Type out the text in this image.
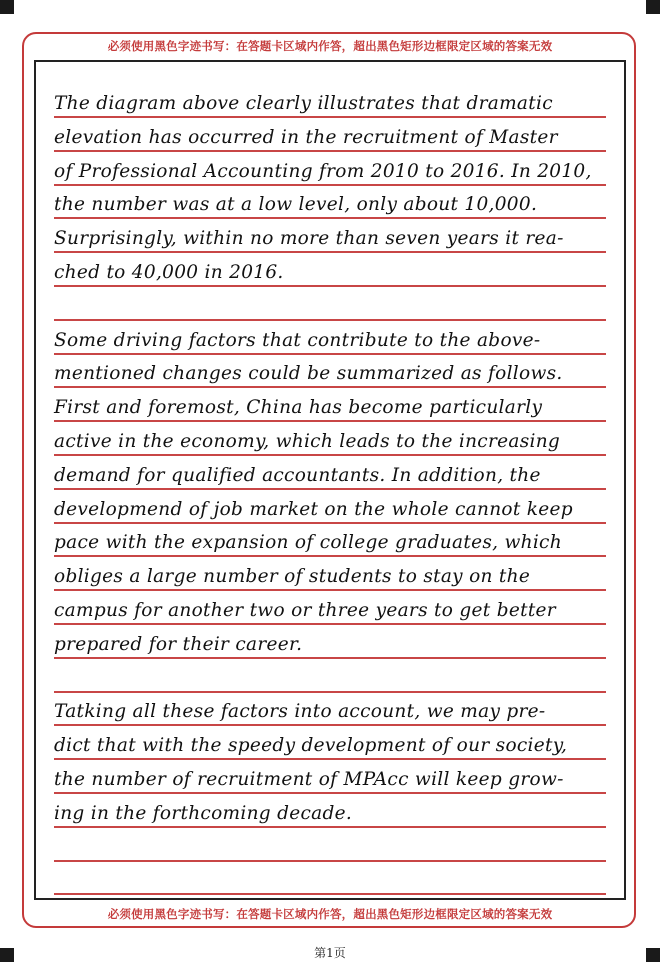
必须使用黑色字迹书写：在答题卡区域内作答，超出黑色矩形边框限定区域的答案无效
The diagram above clearly illustrates that dramatic
elevation has occurred in the recruitment of Master
of Professional Accounting from 2010 to 2016. In 2010,
the number was at a low level, only about 10,000.
Surprisingly, within no more than seven years it rea-
ched to 40,000 in 2016.
Some driving factors that contribute to the above-
mentioned changes could be summarized as follows.
First and foremost, China has become particularly
active in the economy, which leads to the increasing
demand for qualified accountants. In addition, the
developmend of job market on the whole cannot keep
pace with the expansion of college graduates, which
obliges a large number of students to stay on the
campus for another two or three years to get better
prepared for their career.
Tatking all these factors into account, we may pre-
dict that with the speedy development of our society,
the number of recruitment of MPAcc will keep grow-
ing in the forthcoming decade.
必须使用黑色字迹书写：在答题卡区域内作答，超出黑色矩形边框限定区域的答案无效
第1页
